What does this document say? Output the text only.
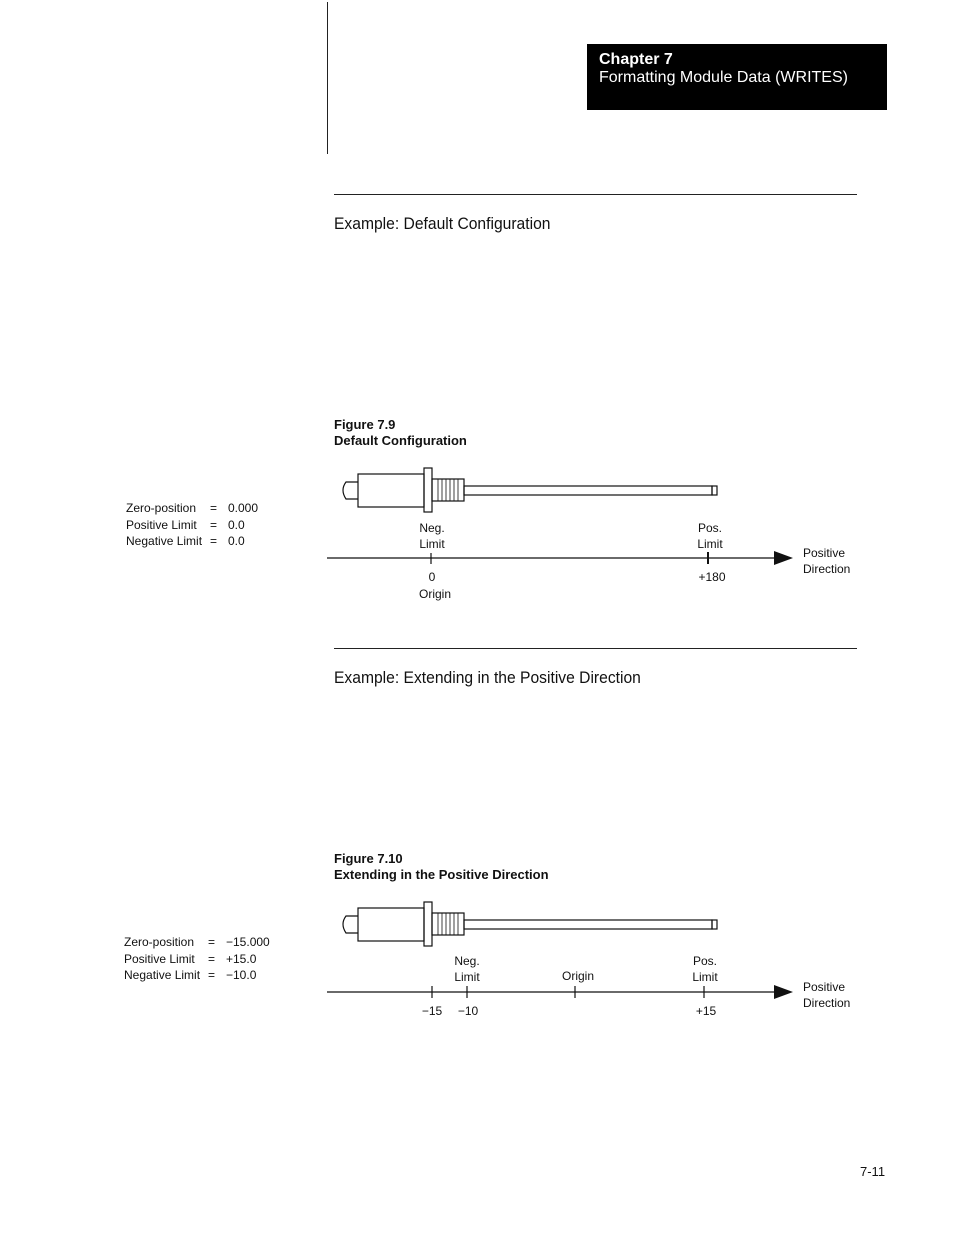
Chapter 7
Formatting Module Data (WRITES)
Example: Default Configuration
Figure 7.9
Default Configuration
Zero-position = 0.000
Positive Limit = 0.0
Negative Limit = 0.0
Neg.
Limit
Pos.
Limit
0
Origin
+180
Positive
Direction
Example: Extending in the Positive Direction
Figure 7.10
Extending in the Positive Direction
Zero-position = −15.000
Positive Limit = +15.0
Negative Limit = −10.0
Neg.
Limit	Origin
Pos.
Limit
−15	−10	+15
Positive
Direction
7-11
